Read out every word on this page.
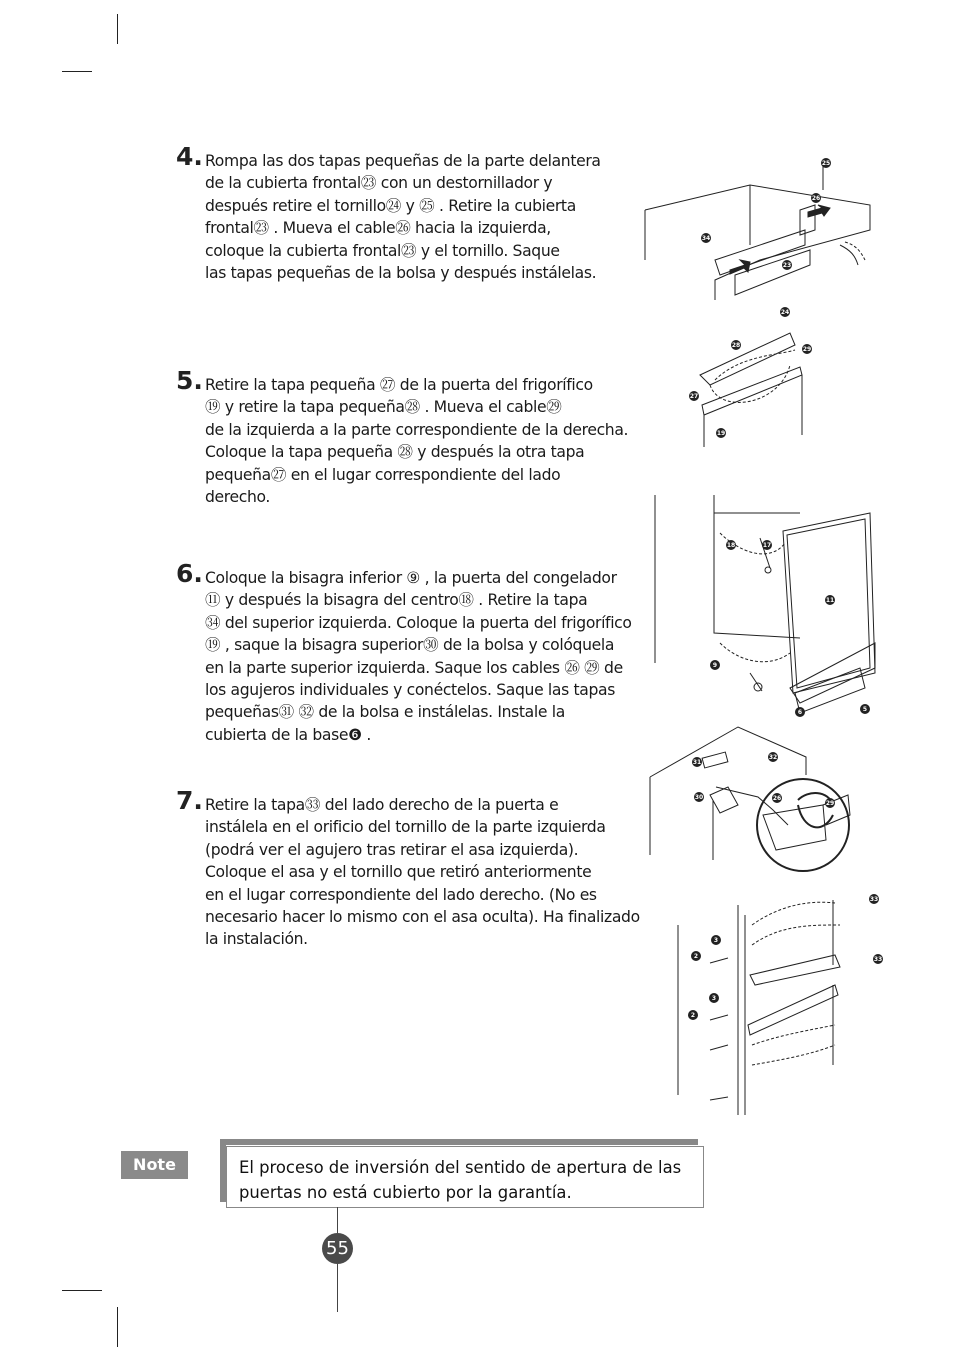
4. Rompa las dos tapas pequeñas de la parte delantera
de la cubierta frontal㉓ con un destornillador y
después retire el tornillo㉔ y ㉕ . Retire la cubierta
frontal㉓ . Mueva el cable㉖ hacia la izquierda,
coloque la cubierta frontal㉓ y el tornillo. Saque
las tapas pequeñas de la bolsa y después instálelas.
5. Retire la tapa pequeña ㉗ de la puerta del frigorífico
⑲ y retire la tapa pequeña㉘ . Mueva el cable㉙
de la izquierda a la parte correspondiente de la derecha.
Coloque la tapa pequeña ㉘ y después la otra tapa
pequeña㉗ en el lugar correspondiente del lado
derecho.
6. Coloque la bisagra inferior ⑨ , la puerta del congelador
⑪ y después la bisagra del centro⑱ . Retire la tapa
㉞ del superior izquierda. Coloque la puerta del frigorífico
⑲ , saque la bisagra superior㉚ de la bolsa y colóquela
en la parte superior izquierda. Saque los cables ㉖ ㉙ de
los agujeros individuales y conéctelos. Saque las tapas
pequeñas㉛ ㉜ de la bolsa e instálelas. Instale la
cubierta de la base❻ .
7. Retire la tapa㉝ del lado derecho de la puerta e
instálela en el orificio del tornillo de la parte izquierda
(podrá ver el agujero tras retirar el asa izquierda).
Coloque el asa y el tornillo que retiró anteriormente
en el lugar correspondiente del lado derecho. (No es
necesario hacer lo mismo con el asa oculta). Ha finalizado
la instalación.
25
26
34
23
24
28
29
27
19
18	17
11
9
6	5
31
32
30	26
29
33
3
2
3
2
33
Note	El proceso de inversión del sentido de apertura de las puertas no está cubierto por la garantía.
55
